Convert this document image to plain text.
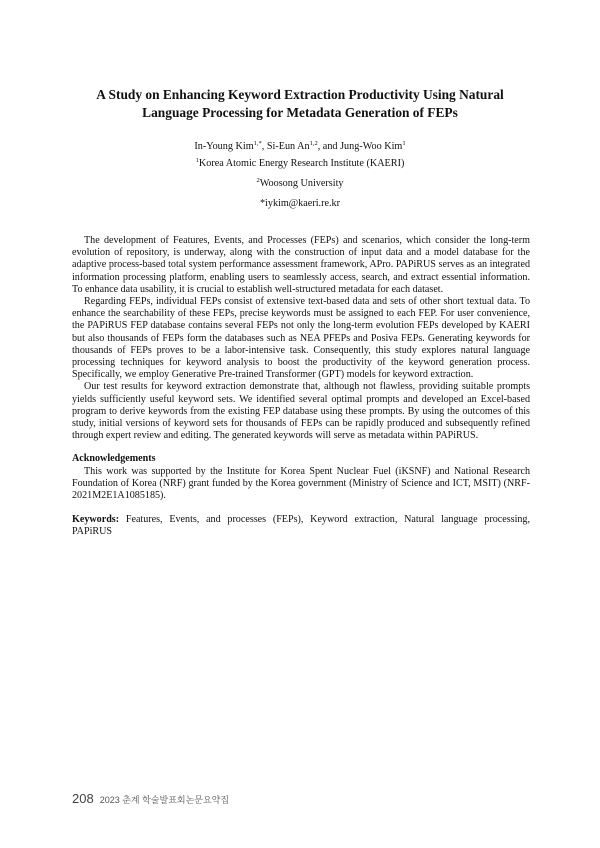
A Study on Enhancing Keyword Extraction Productivity Using Natural Language Processing for Metadata Generation of FEPs
In-Young Kim$^{1,*}$, Si-Eun An$^{1,2}$, and Jung-Woo Kim$^1$
$^1$Korea Atomic Energy Research Institute (KAERI)
$^2$Woosong University
*iykim@kaeri.re.kr

The development of Features, Events, and Processes (FEPs) and scenarios, which consider the long-term evolution of repository, is underway, along with the construction of input data and a model database for the adaptive process-based total system performance assessment framework, APro. PAPiRUS serves as an integrated information processing platform, enabling users to seamlessly access, search, and extract essential information. To enhance data usability, it is crucial to establish well-structured metadata for each dataset.

Regarding FEPs, individual FEPs consist of extensive text-based data and sets of other short textual data. To enhance the searchability of these FEPs, precise keywords must be assigned to each FEP. For user convenience, the PAPiRUS FEP database contains several FEPs not only the long-term evolution FEPs developed by KAERI but also thousands of FEPs form the databases such as NEA PFEPs and Posiva FEPs. Generating keywords for thousands of FEPs proves to be a labor-intensive task. Consequently, this study explores natural language processing techniques for keyword analysis to boost the productivity of the keyword generation process. Specifically, we employ Generative Pre-trained Transformer (GPT) models for keyword extraction.

Our test results for keyword extraction demonstrate that, although not flawless, providing suitable prompts yields sufficiently useful keyword sets. We identified several optimal prompts and developed an Excel-based program to derive keywords from the existing FEP database using these prompts. By using the outcomes of this study, initial versions of keyword sets for thousands of FEPs can be rapidly produced and subsequently refined through expert review and editing. The generated keywords will serve as metadata within PAPiRUS.

Acknowledgements

This work was supported by the Institute for Korea Spent Nuclear Fuel (iKSNF) and National Research Foundation of Korea (NRF) grant funded by the Korea government (Ministry of Science and ICT, MSIT) (NRF-2021M2E1A1085185).

Keywords: Features, Events, and processes (FEPs), Keyword extraction, Natural language processing, PAPiRUS

208 2023 춘계 학술발표회논문요약집
